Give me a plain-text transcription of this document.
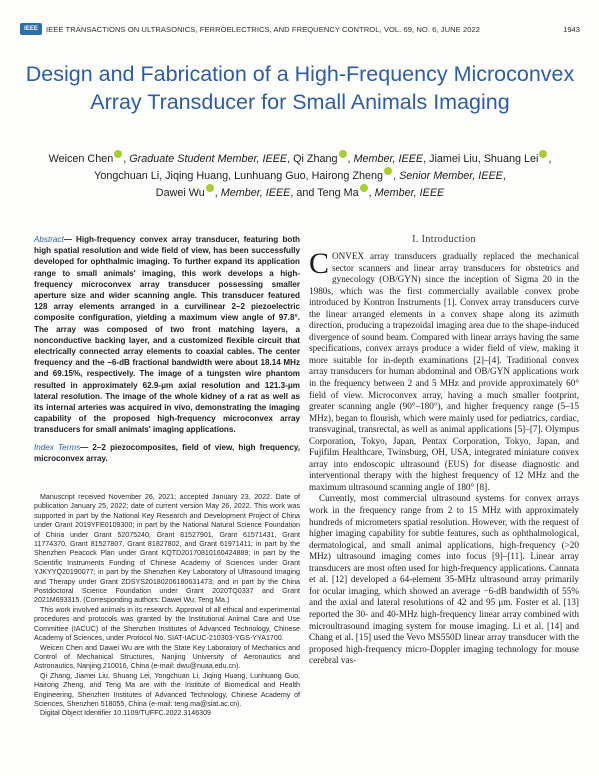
IEEE	IEEE TRANSACTIONS ON ULTRASONICS, FERROELECTRICS, AND FREQUENCY CONTROL, VOL. 69, NO. 6, JUNE 2022	1943
Design and Fabrication of a High-Frequency Microconvex Array Transducer for Small Animals Imaging
Weicen Chen , Graduate Student Member, IEEE, Qi Zhang , Member, IEEE, Jiamei Liu, Shuang Lei ,
Yongchuan Li, Jiqing Huang, Lunhuang Guo, Hairong Zheng , Senior Member, IEEE,
Dawei Wu , Member, IEEE, and Teng Ma , Member, IEEE
Abstract— High-frequency convex array transducer, featuring both high spatial resolution and wide field of view, has been successfully developed for ophthalmic imaging. To further expand its application range to small animals' imaging, this work develops a high-frequency microconvex array transducer possessing smaller aperture size and wider scanning angle. This transducer featured 128 array elements arranged in a curvilinear 2–2 piezoelectric composite configuration, yielding a maximum view angle of 97.8°. The array was composed of two front matching layers, a nonconductive backing layer, and a customized flexible circuit that electrically connected array elements to coaxial cables. The center frequency and the −6-dB fractional bandwidth were about 18.14 MHz and 69.15%, respectively. The image of a tungsten wire phantom resulted in approximately 62.9-μm axial resolution and 121.3-μm lateral resolution. The image of the whole kidney of a rat as well as its internal arteries was acquired in vivo, demonstrating the imaging capability of the proposed high-frequency microconvex array transducers for small animals' imaging applications.
Index Terms— 2–2 piezocomposites, field of view, high frequency, microconvex array.

Manuscript received November 26, 2021; accepted January 23, 2022. Date of publication January 25, 2022; date of current version May 26, 2022. This work was supported in part by the National Key Research and Development Project of China under Grant 2019YFE0109300; in part by the National Natural Science Foundation of China under Grant 52075240, Grant 81527901, Grant 61571431, Grant 11774370, Grant 81527807, Grant 81827802, and Grant 61971411; in part by the Shenzhen Peacock Plan under Grant KQTD20170810160424889; in part by the Scientific Instruments Funding of Chinese Academy of Sciences under Grant YJKYYQ20190077; in part by the Shenzhen Key Laboratory of Ultrasound Imaging and Therapy under Grant ZDSYS20180206180631473; and in part by the China Postdoctoral Science Foundation under Grant 2020TQ0337 and Grant 2021M693315. (Corresponding authors: Dawei Wu; Teng Ma.)

This work involved animals in its research. Approval of all ethical and experimental procedures and protocols was granted by the Institutional Animal Care and Use Committee (IACUC) of the Shenzhen Institutes of Advanced Technology, Chinese Academy of Sciences, under Protocol No. SIAT-IACUC-210303-YGS-YYA1700.

Weicen Chen and Dawei Wu are with the State Key Laboratory of Mechanics and Control of Mechanical Structures, Nanjing University of Aeronautics and Astronautics, Nanjing 210016, China (e-mail: dwu@nuaa.edu.cn).

Qi Zhang, Jiamei Liu, Shuang Lei, Yongchuan Li, Jiqing Huang, Lunhuang Guo, Hairong Zheng, and Teng Ma are with the Institute of Biomedical and Health Engineering, Shenzhen Institutes of Advanced Technology, Chinese Academy of Sciences, Shenzhen 518055, China (e-mail: teng.ma@siat.ac.cn).

Digital Object Identifier 10.1109/TUFFC.2022.3146309

I. Introduction

CONVEX array transducers gradually replaced the mechanical sector scanners and linear array transducers for obstetrics and gynecology (OB/GYN) since the inception of Sigma 20 in the 1980s, which was the first commercially available convex probe introduced by Kontron Instruments [1]. Convex array transducers curve the linear arranged elements in a convex shape along its azimuth direction, producing a trapezoidal imaging area due to the shape-induced divergence of sound beam. Compared with linear arrays having the same specifications, convex arrays produce a wider field of view, making it more suitable for in-depth examinations [2]–[4]. Traditional convex array transducers for human abdominal and OB/GYN applications work in the frequency between 2 and 5 MHz and provide approximately 60° field of view. Microconvex array, having a much smaller footprint, greater scanning angle (90°–180°), and higher frequency range (5–15 MHz), began to flourish, which were mainly used for pediatrics, cardiac, transvaginal, transrectal, as well as animal applications [5]–[7]. Olympus Corporation, Tokyo, Japan, Pentax Corporation, Tokyo, Japan, and Fujifilm Healthcare, Twinsburg, OH, USA, integrated miniature convex array into endoscopic ultrasound (EUS) for disease diagnostic and interventional therapy with the highest frequency of 12 MHz and the maximum ultrasound scanning angle of 180° [8].

Currently, most commercial ultrasound systems for convex arrays work in the frequency range from 2 to 15 MHz with approximately hundreds of micrometers spatial resolution. However, with the request of higher imaging capability for subtle features, such as ophthalmological, dermatological, and small animal applications, high-frequency (>20 MHz) ultrasound imaging comes into focus [9]–[11]. Linear array transducers are most often used for high-frequency applications. Cannata et al. [12] developed a 64-element 35-MHz ultrasound array primarily for ocular imaging, which showed an average −6-dB bandwidth of 55% and the axial and lateral resolutions of 42 and 95 μm. Foster et al. [13] reported the 30- and 40-MHz high-frequency linear array combined with microultrasound imaging system for mouse imaging. Li et al. [14] and Chang et al. [15] used the Vevo MS550D linear array transducer with the proposed high-frequency micro-Doppler imaging technology for mouse cerebral vas-
